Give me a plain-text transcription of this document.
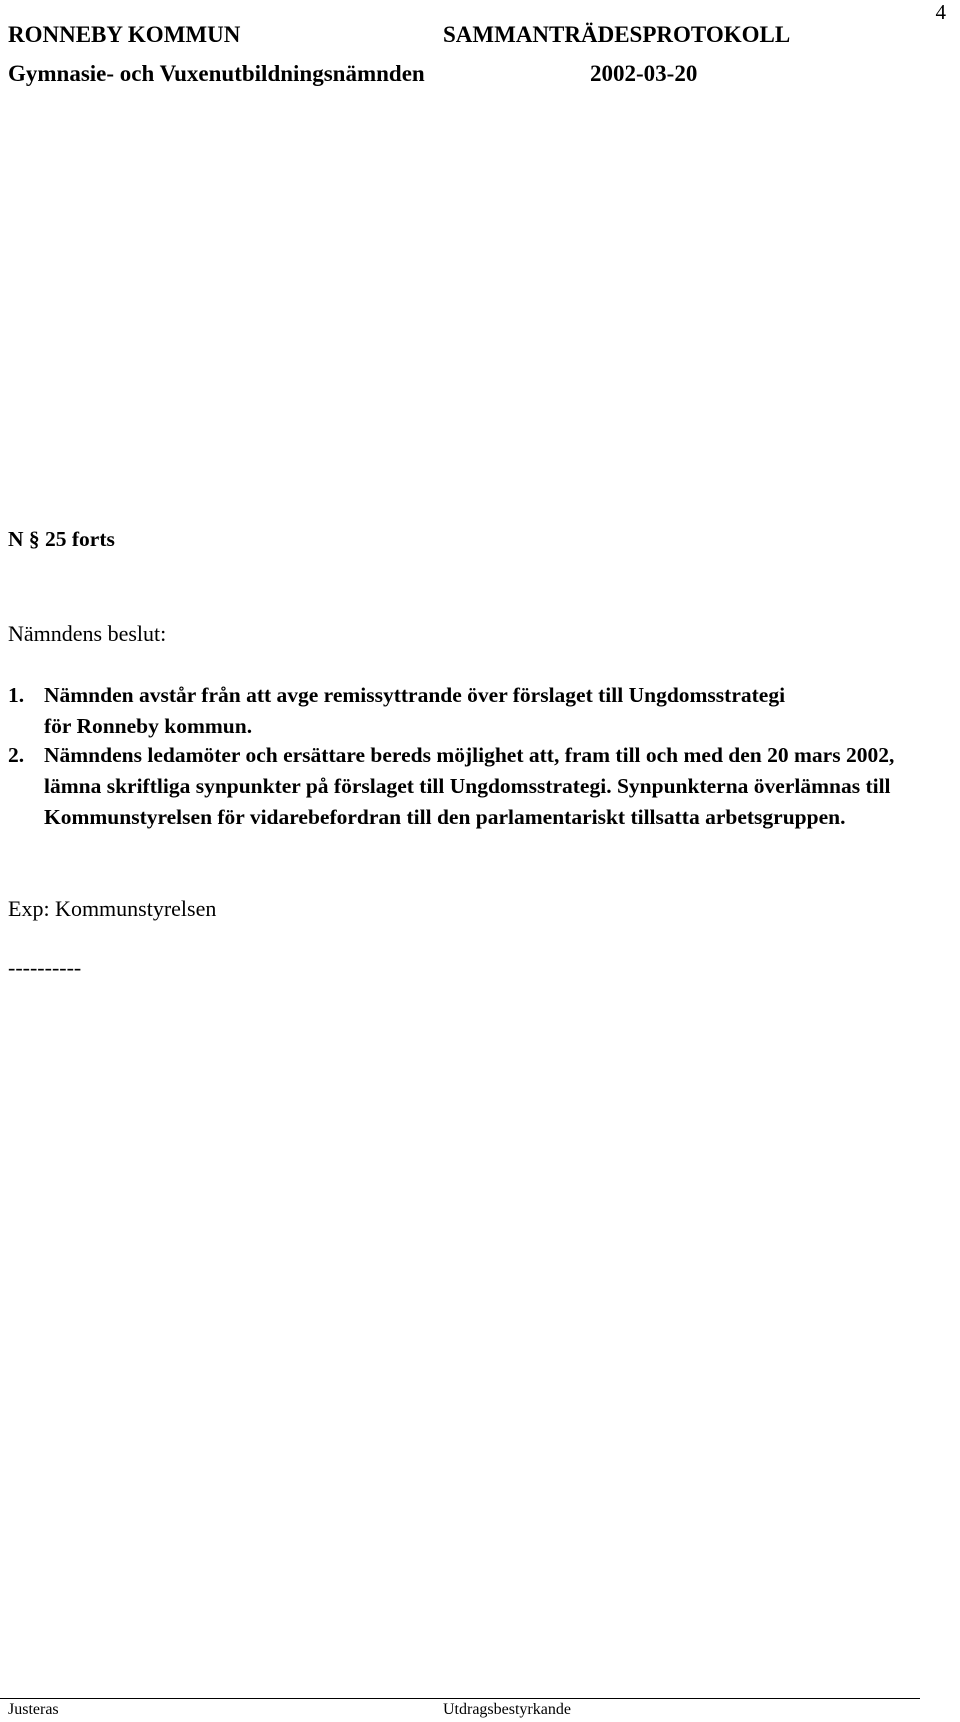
4
RONNEBY KOMMUN	SAMMANTRÄDESPROTOKOLL
Gymnasie- och Vuxenutbildningsnämnden	2002-03-20
N § 25 forts
Nämndens beslut:
1. Nämnden avstår från att avge remissyttrande över förslaget till Ungdomsstrategi för Ronneby kommun.
2. Nämndens ledamöter och ersättare bereds möjlighet att, fram till och med den 20 mars 2002, lämna skriftliga synpunkter på förslaget till Ungdomsstrategi. Synpunkterna överlämnas till Kommunstyrelsen för vidarebefordran till den parlamentariskt tillsatta arbetsgruppen.
Exp: Kommunstyrelsen
----------
Justeras	Utdragsbestyrkande
